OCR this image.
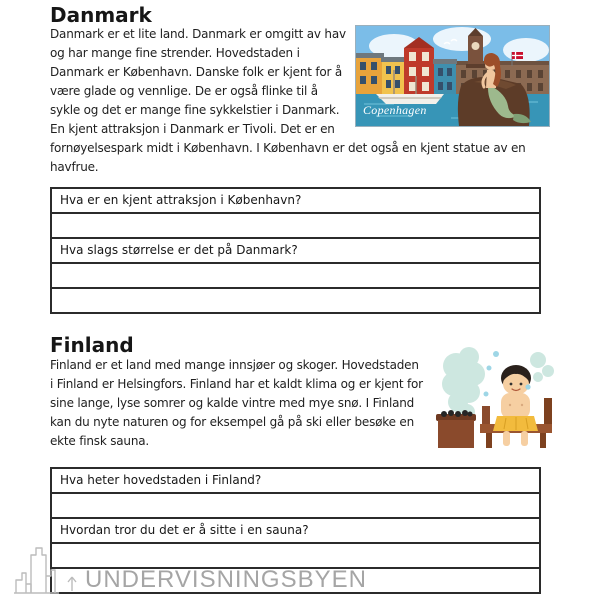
Danmark
Copenhagen

Danmark er et lite land. Danmark er omgitt av hav og har mange fine strender. Hovedstaden i Danmark er København. Danske folk er kjent for å være glade og vennlige. De er også flinke til å sykle og det er mange fine sykkelstier i Danmark. En kjent attraksjon i Danmark er Tivoli. Det er en fornøyelsespark midt i København. I København er det også en kjent statue av en havfrue.

Hva er en kjent attraksjon i København?
Hva slags størrelse er det på Danmark?
Finland

Finland er et land med mange innsjøer og skoger. Hovedstaden i Finland er Helsingfors. Finland har et kaldt klima og er kjent for sine lange, lyse somrer og kalde vintre med mye snø. I Finland kan du nyte naturen og for eksempel gå på ski eller besøke en ekte finsk sauna.

Hva heter hovedstaden i Finland?
Hvordan tror du det er å sitte i en sauna?
UNDERVISNINGSBYEN
